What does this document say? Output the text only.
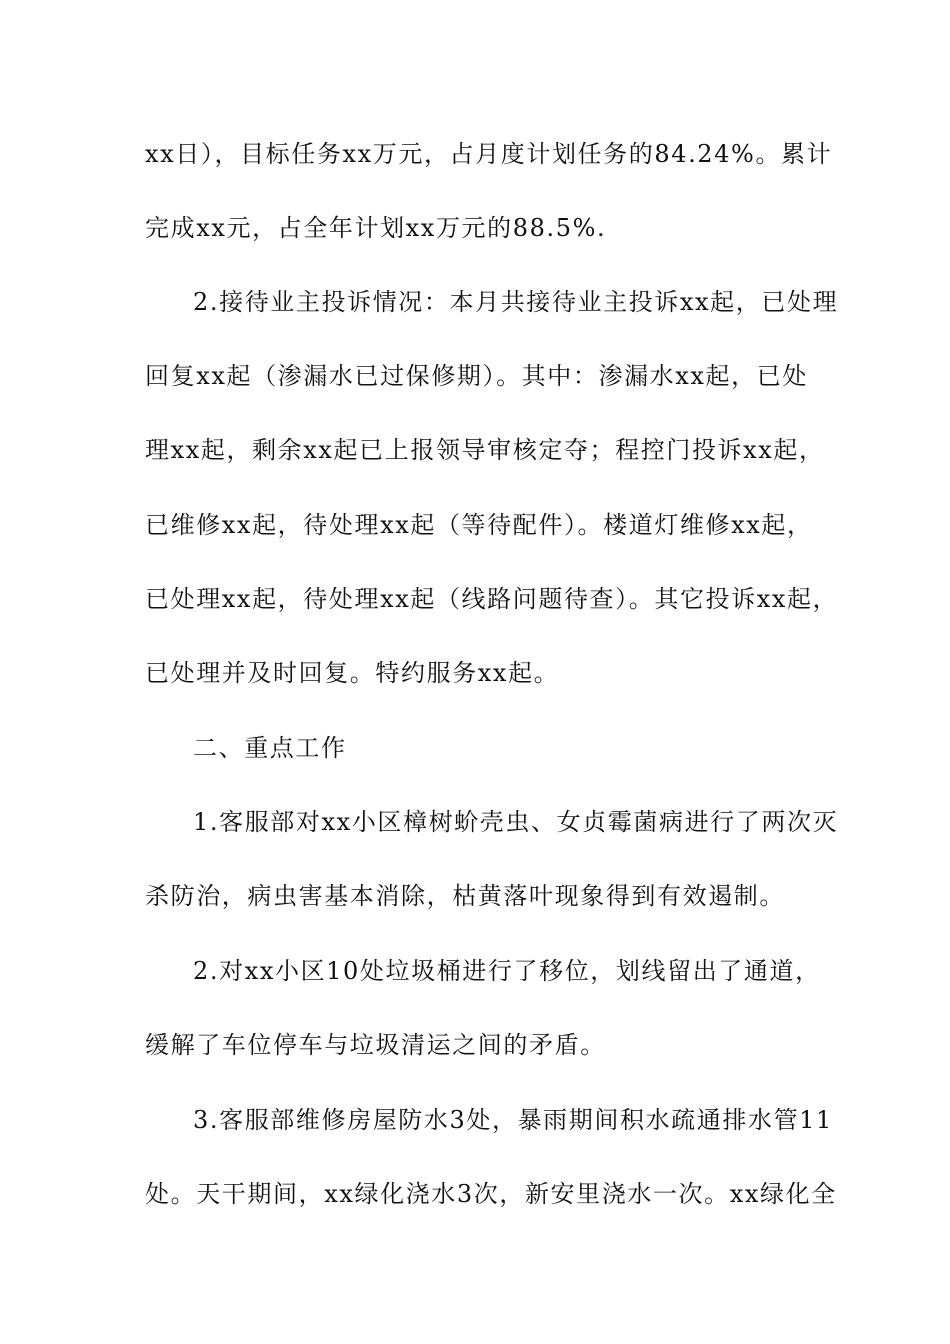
xx日），目标任务xx万元，占月度计划任务的84.24%。累计
完成xx元，占全年计划xx万元的88.5%.
2.接待业主投诉情况：本月共接待业主投诉xx起，已处理
回复xx起（渗漏水已过保修期）。其中：渗漏水xx起，已处
理xx起，剩余xx起已上报领导审核定夺；程控门投诉xx起，
已维修xx起，待处理xx起（等待配件）。楼道灯维修xx起，
已处理xx起，待处理xx起（线路问题待查）。其它投诉xx起，
已处理并及时回复。特约服务xx起。
二、重点工作
1.客服部对xx小区樟树蚧壳虫、女贞霉菌病进行了两次灭
杀防治，病虫害基本消除，枯黄落叶现象得到有效遏制。
2.对xx小区10处垃圾桶进行了移位，划线留出了通道，
缓解了车位停车与垃圾清运之间的矛盾。
3.客服部维修房屋防水3处，暴雨期间积水疏通排水管11
处。天干期间，xx绿化浇水3次，新安里浇水一次。xx绿化全
